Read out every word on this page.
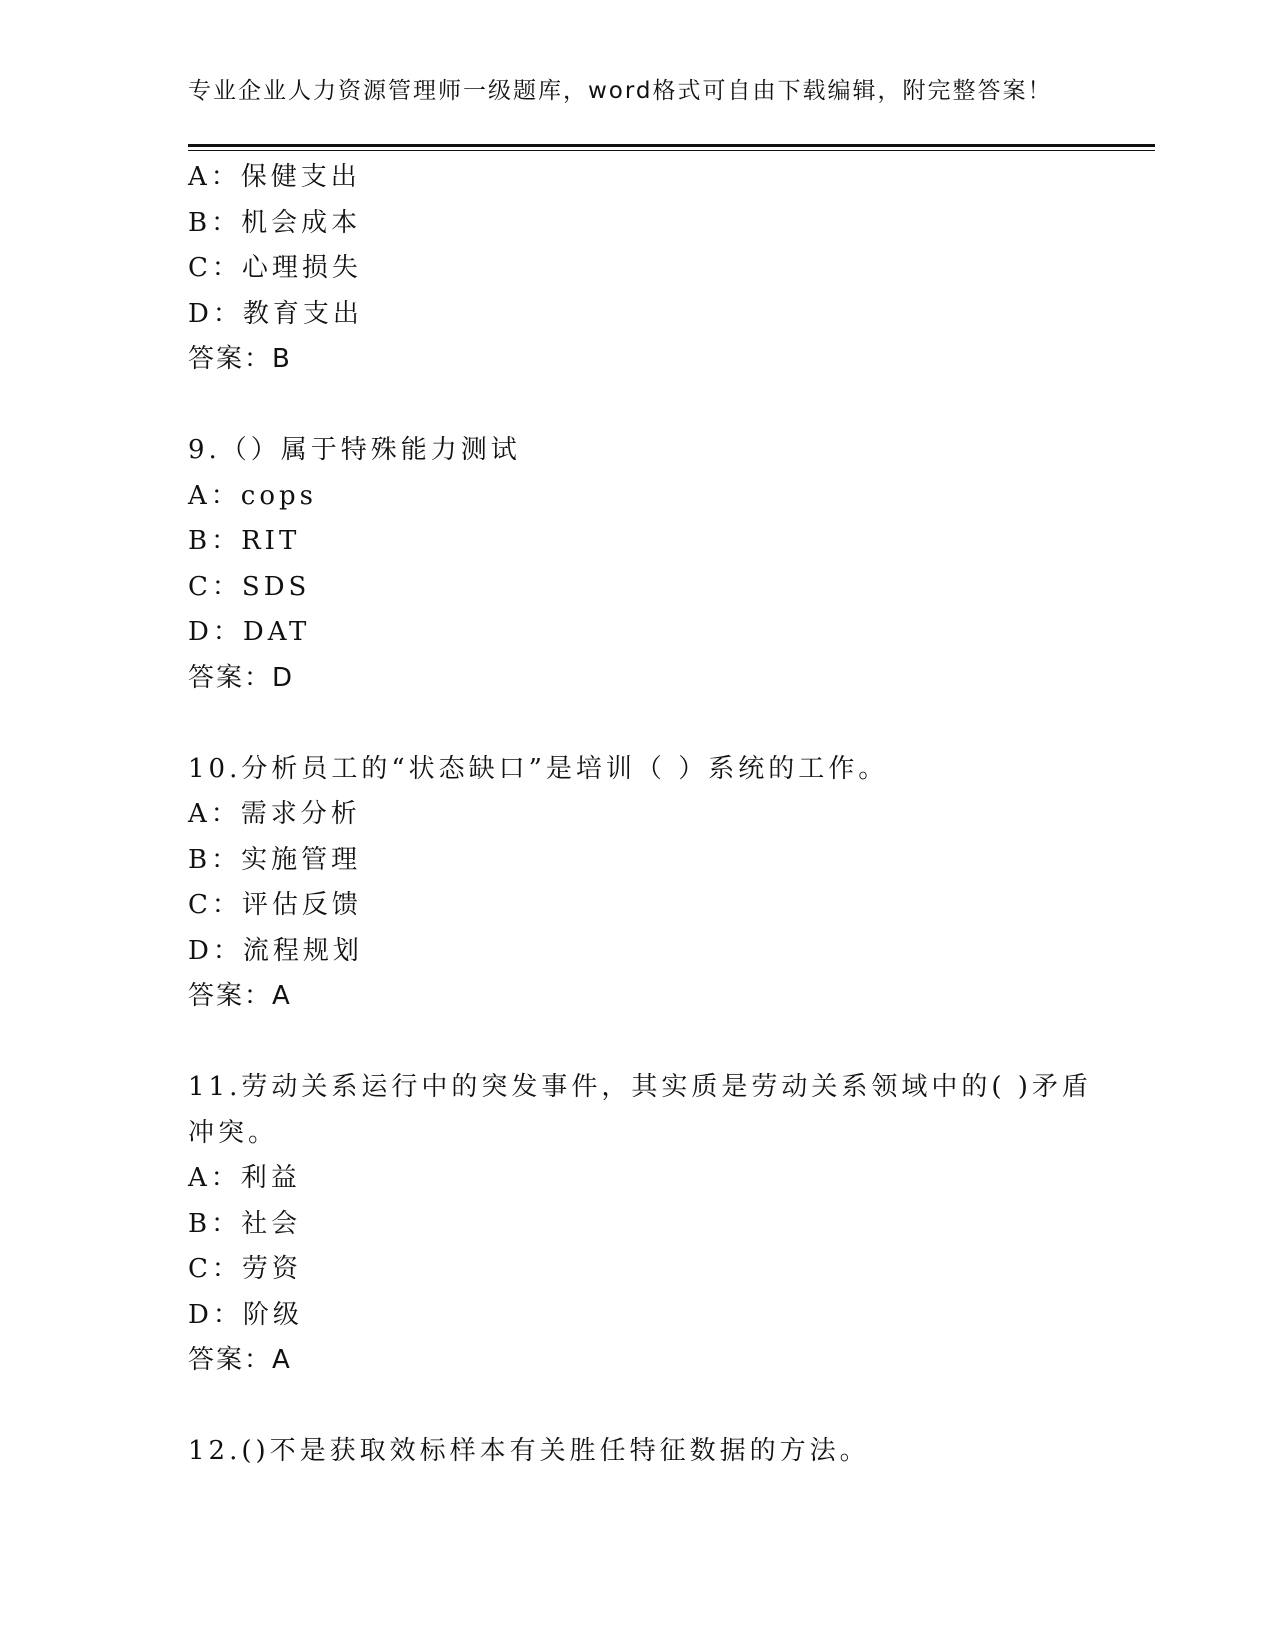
专业企业人力资源管理师一级题库，word格式可自由下载编辑，附完整答案！
A：保健支出
B：机会成本
C：心理损失
D：教育支出
答案：B
9.（）属于特殊能力测试
A：cops
B：RIT
C：SDS
D：DAT
答案：D
10.分析员工的“状态缺口”是培训（ ）系统的工作。
A：需求分析
B：实施管理
C：评估反馈
D：流程规划
答案：A
11.劳动关系运行中的突发事件，其实质是劳动关系领域中的( )矛盾
冲突。
A：利益
B：社会
C：劳资
D：阶级
答案：A
12.()不是获取效标样本有关胜任特征数据的方法。
